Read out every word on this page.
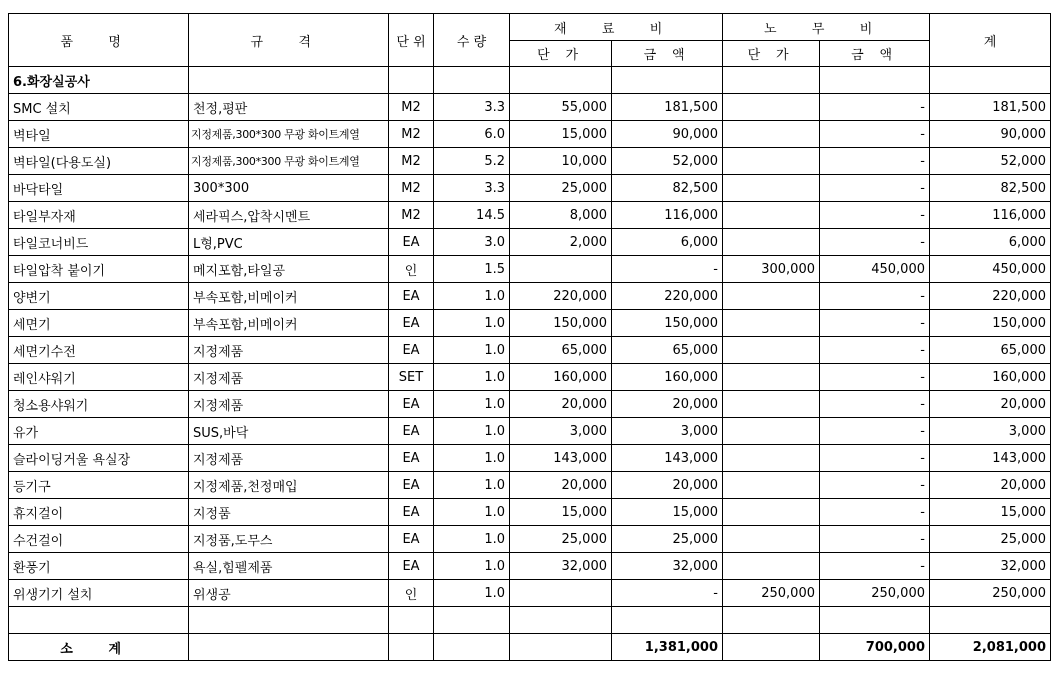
품 명	규 격	단 위	수 량	재 료 비		노 무 비		계
				단 가	금 액	단 가	금 액	
6.화장실공사								
SMC 설치	천정,평판	M2	3.3	55,000	181,500		-	181,500
벽타일	지정제품,300*300 무광 화이트계열	M2	6.0	15,000	90,000		-	90,000
벽타일(다용도실)	지정제품,300*300 무광 화이트계열	M2	5.2	10,000	52,000		-	52,000
바닥타일	300*300	M2	3.3	25,000	82,500		-	82,500
타일부자재	세라픽스,압착시멘트	M2	14.5	8,000	116,000		-	116,000
타일코너비드	L형,PVC	EA	3.0	2,000	6,000		-	6,000
타일압착 붙이기	메지포함,타일공	인	1.5		-	300,000	450,000	450,000
양변기	부속포함,비메이커	EA	1.0	220,000	220,000		-	220,000
세면기	부속포함,비메이커	EA	1.0	150,000	150,000		-	150,000
세면기수전	지정제품	EA	1.0	65,000	65,000		-	65,000
레인샤워기	지정제품	SET	1.0	160,000	160,000		-	160,000
청소용샤워기	지정제품	EA	1.0	20,000	20,000		-	20,000
유가	SUS,바닥	EA	1.0	3,000	3,000		-	3,000
슬라이딩거울 욕실장	지정제품	EA	1.0	143,000	143,000		-	143,000
등기구	지정제품,천정매입	EA	1.0	20,000	20,000		-	20,000
휴지걸이	지정품	EA	1.0	15,000	15,000		-	15,000
수건걸이	지정품,도무스	EA	1.0	25,000	25,000		-	25,000
환풍기	욕실,힘펠제품	EA	1.0	32,000	32,000		-	32,000
위생기기 설치	위생공	인	1.0		-	250,000	250,000	250,000

소 계					1,381,000		700,000	2,081,000
